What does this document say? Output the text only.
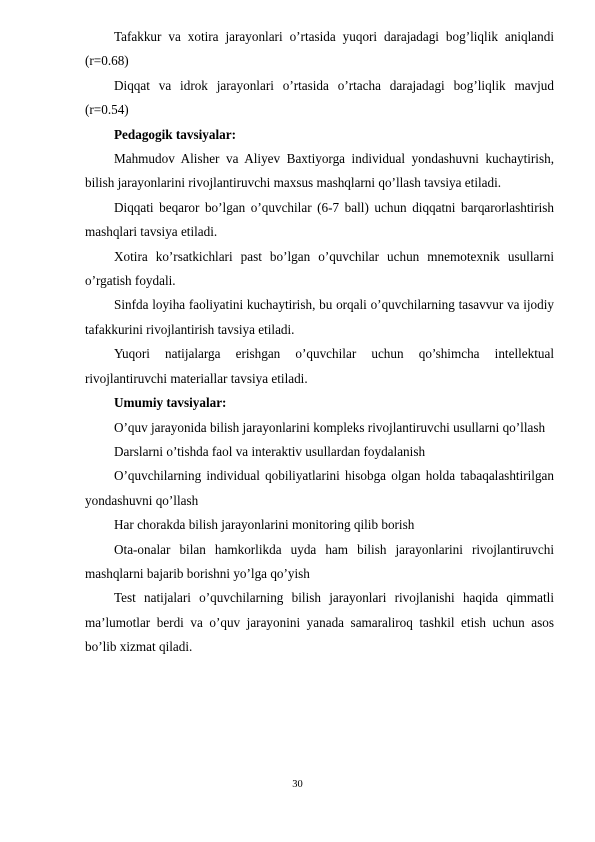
Tafakkur va xotira jarayonlari o’rtasida yuqori darajadagi bog’liqlik aniqlandi (r=0.68)

Diqqat va idrok jarayonlari o’rtasida o’rtacha darajadagi bog’liqlik mavjud (r=0.54)

Pedagogik tavsiyalar:

Mahmudov Alisher va Aliyev Baxtiyorga individual yondashuvni kuchaytirish, bilish jarayonlarini rivojlantiruvchi maxsus mashqlarni qo’llash tavsiya etiladi.

Diqqati beqaror bo’lgan o’quvchilar (6-7 ball) uchun diqqatni barqarorlashtirish mashqlari tavsiya etiladi.

Xotira ko’rsatkichlari past bo’lgan o’quvchilar uchun mnemotexnik usullarni o’rgatish foydali.

Sinfda loyiha faoliyatini kuchaytirish, bu orqali o’quvchilarning tasavvur va ijodiy tafakkurini rivojlantirish tavsiya etiladi.

Yuqori natijalarga erishgan o’quvchilar uchun qo’shimcha intellektual rivojlantiruvchi materiallar tavsiya etiladi.

Umumiy tavsiyalar:

O’quv jarayonida bilish jarayonlarini kompleks rivojlantiruvchi usullarni qo’llash

Darslarni o’tishda faol va interaktiv usullardan foydalanish

O’quvchilarning individual qobiliyatlarini hisobga olgan holda tabaqalashtirilgan yondashuvni qo’llash

Har chorakda bilish jarayonlarini monitoring qilib borish

Ota-onalar bilan hamkorlikda uyda ham bilish jarayonlarini rivojlantiruvchi mashqlarni bajarib borishni yo’lga qo’yish

Test natijalari o’quvchilarning bilish jarayonlari rivojlanishi haqida qimmatli ma’lumotlar berdi va o’quv jarayonini yanada samaraliroq tashkil etish uchun asos bo’lib xizmat qiladi.

30
